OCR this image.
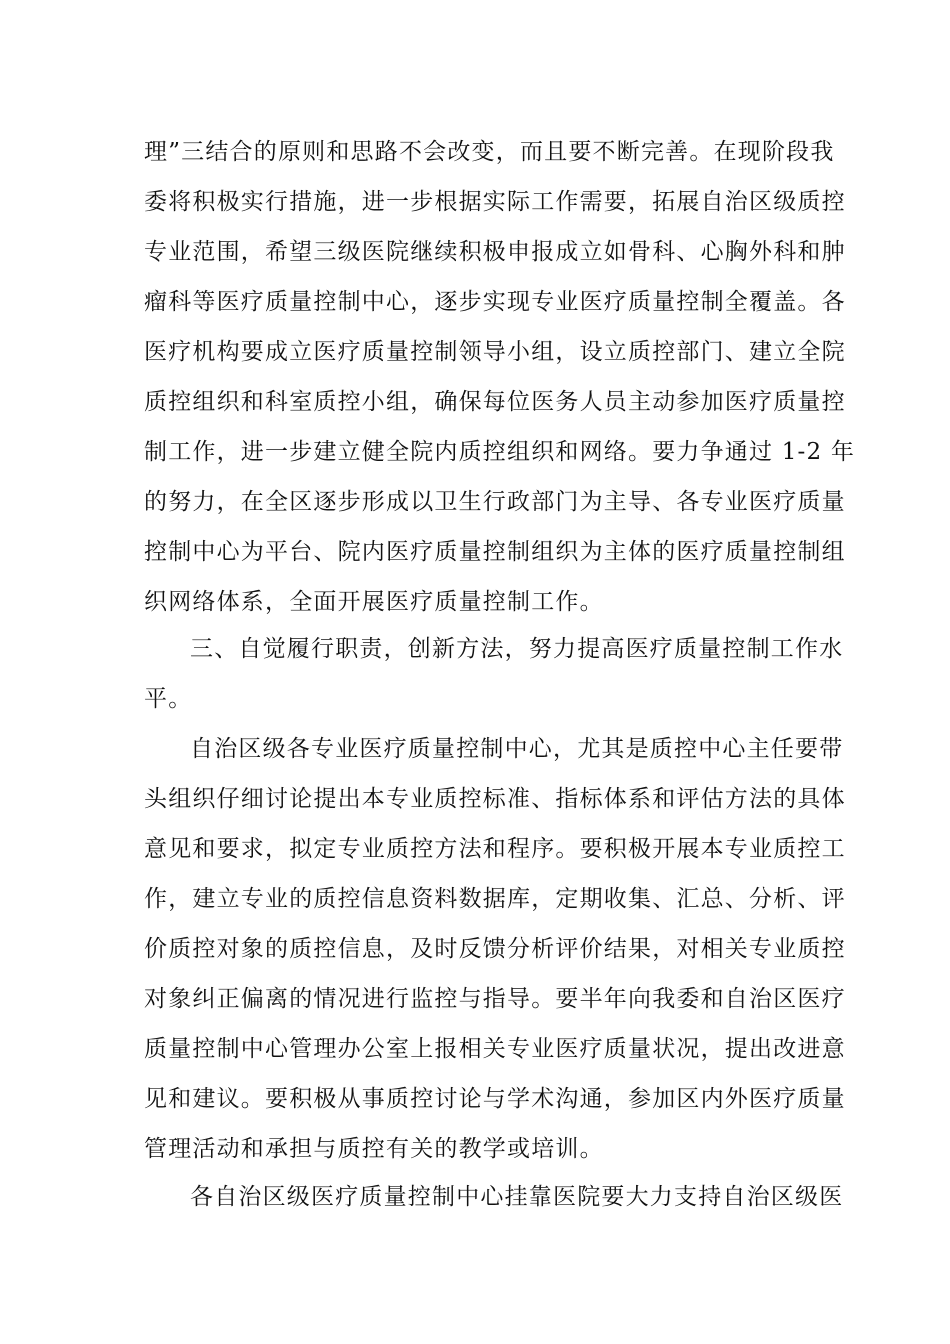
理”三结合的原则和思路不会改变，而且要不断完善。在现阶段我
委将积极实行措施，进一步根据实际工作需要，拓展自治区级质控
专业范围，希望三级医院继续积极申报成立如骨科、心胸外科和肿
瘤科等医疗质量控制中心，逐步实现专业医疗质量控制全覆盖。各
医疗机构要成立医疗质量控制领导小组，设立质控部门、建立全院
质控组织和科室质控小组，确保每位医务人员主动参加医疗质量控
制工作，进一步建立健全院内质控组织和网络。要力争通过 1-2 年
的努力，在全区逐步形成以卫生行政部门为主导、各专业医疗质量
控制中心为平台、院内医疗质量控制组织为主体的医疗质量控制组
织网络体系，全面开展医疗质量控制工作。
三、自觉履行职责，创新方法，努力提高医疗质量控制工作水
平。
自治区级各专业医疗质量控制中心，尤其是质控中心主任要带
头组织仔细讨论提出本专业质控标准、指标体系和评估方法的具体
意见和要求，拟定专业质控方法和程序。要积极开展本专业质控工
作，建立专业的质控信息资料数据库，定期收集、汇总、分析、评
价质控对象的质控信息，及时反馈分析评价结果，对相关专业质控
对象纠正偏离的情况进行监控与指导。要半年向我委和自治区医疗
质量控制中心管理办公室上报相关专业医疗质量状况，提出改进意
见和建议。要积极从事质控讨论与学术沟通，参加区内外医疗质量
管理活动和承担与质控有关的教学或培训。
各自治区级医疗质量控制中心挂靠医院要大力支持自治区级医
